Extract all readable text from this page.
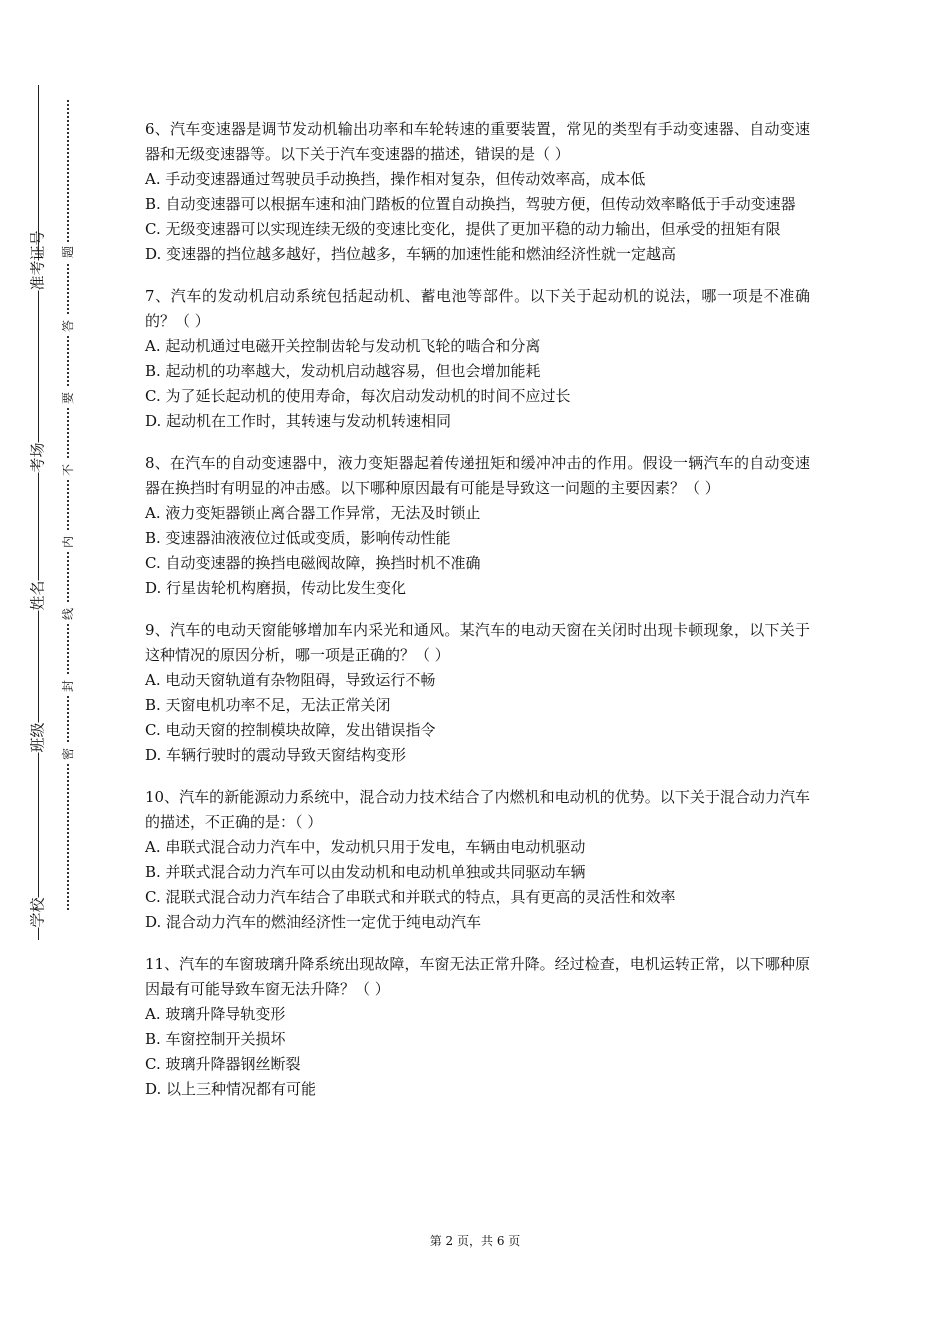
准考证号
考场
姓名
班级
学校
题
答
要
不
内
线
封
密

6、汽车变速器是调节发动机输出功率和车轮转速的重要装置，常见的类型有手动变速器、自动变速器和无级变速器等。以下关于汽车变速器的描述，错误的是（ ）

A. 手动变速器通过驾驶员手动换挡，操作相对复杂，但传动效率高，成本低

B. 自动变速器可以根据车速和油门踏板的位置自动换挡，驾驶方便，但传动效率略低于手动变速器

C. 无级变速器可以实现连续无级的变速比变化，提供了更加平稳的动力输出，但承受的扭矩有限

D. 变速器的挡位越多越好，挡位越多，车辆的加速性能和燃油经济性就一定越高

7、汽车的发动机启动系统包括起动机、蓄电池等部件。以下关于起动机的说法，哪一项是不准确的？（ ）

A. 起动机通过电磁开关控制齿轮与发动机飞轮的啮合和分离

B. 起动机的功率越大，发动机启动越容易，但也会增加能耗

C. 为了延长起动机的使用寿命，每次启动发动机的时间不应过长

D. 起动机在工作时，其转速与发动机转速相同

8、在汽车的自动变速器中，液力变矩器起着传递扭矩和缓冲冲击的作用。假设一辆汽车的自动变速器在换挡时有明显的冲击感。以下哪种原因最有可能是导致这一问题的主要因素？（ ）

A. 液力变矩器锁止离合器工作异常，无法及时锁止

B. 变速器油液液位过低或变质，影响传动性能

C. 自动变速器的换挡电磁阀故障，换挡时机不准确

D. 行星齿轮机构磨损，传动比发生变化

9、汽车的电动天窗能够增加车内采光和通风。某汽车的电动天窗在关闭时出现卡顿现象，以下关于这种情况的原因分析，哪一项是正确的？（ ）

A. 电动天窗轨道有杂物阻碍，导致运行不畅

B. 天窗电机功率不足，无法正常关闭

C. 电动天窗的控制模块故障，发出错误指令

D. 车辆行驶时的震动导致天窗结构变形

10、汽车的新能源动力系统中，混合动力技术结合了内燃机和电动机的优势。以下关于混合动力汽车的描述，不正确的是：（ ）

A. 串联式混合动力汽车中，发动机只用于发电，车辆由电动机驱动

B. 并联式混合动力汽车可以由发动机和电动机单独或共同驱动车辆

C. 混联式混合动力汽车结合了串联式和并联式的特点，具有更高的灵活性和效率

D. 混合动力汽车的燃油经济性一定优于纯电动汽车

11、汽车的车窗玻璃升降系统出现故障，车窗无法正常升降。经过检查，电机运转正常，以下哪种原因最有可能导致车窗无法升降？（ ）

A. 玻璃升降导轨变形

B. 车窗控制开关损坏

C. 玻璃升降器钢丝断裂

D. 以上三种情况都有可能

第 2 页，共 6 页
